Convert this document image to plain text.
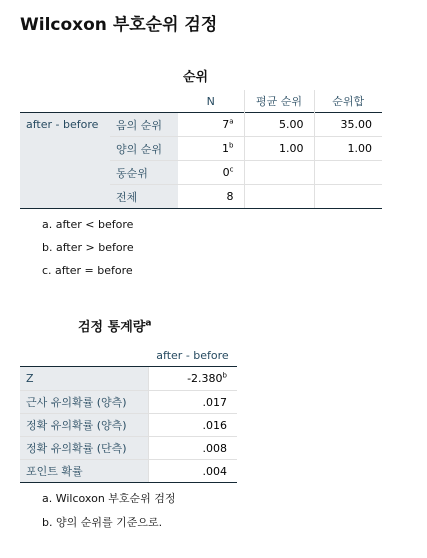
Wilcoxon 부호순위 검정
순위
		N	평균 순위	순위합
after - before	음의 순위	7$^a$	5.00	35.00
	양의 순위	1$^b$	1.00	1.00
	동순위	0$^c$		
	전체	8		
a. after < before
b. after > before
c. after = before
검정 통계량$^a$
	after - before
Z	-2.380$^b$
근사 유의확률 (양측)	.017
정확 유의확률 (양측)	.016
정확 유의확률 (단측)	.008
포인트 확률	.004
a. Wilcoxon 부호순위 검정
b. 양의 순위를 기준으로.
